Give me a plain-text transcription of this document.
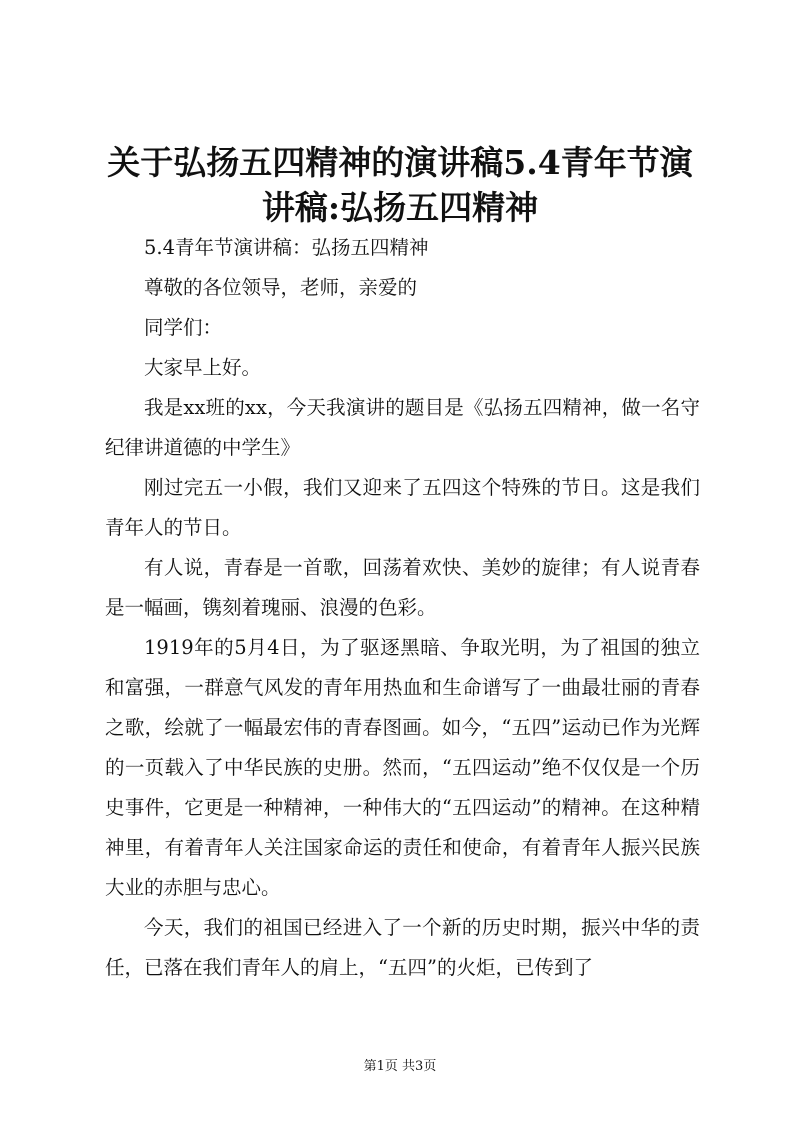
关于弘扬五四精神的演讲稿5.4青年节演讲稿:弘扬五四精神

5.4青年节演讲稿：弘扬五四精神

尊敬的各位领导，老师，亲爱的

同学们：

大家早上好。

我是xx班的xx，今天我演讲的题目是《弘扬五四精神，做一名守纪律讲道德的中学生》

刚过完五一小假，我们又迎来了五四这个特殊的节日。这是我们青年人的节日。

有人说，青春是一首歌，回荡着欢快、美妙的旋律；有人说青春是一幅画，镌刻着瑰丽、浪漫的色彩。

1919年的5月4日，为了驱逐黑暗、争取光明，为了祖国的独立和富强，一群意气风发的青年用热血和生命谱写了一曲最壮丽的青春之歌，绘就了一幅最宏伟的青春图画。如今，“五四”运动已作为光辉的一页载入了中华民族的史册。然而，“五四运动”绝不仅仅是一个历史事件，它更是一种精神，一种伟大的“五四运动”的精神。在这种精神里，有着青年人关注国家命运的责任和使命，有着青年人振兴民族大业的赤胆与忠心。

今天，我们的祖国已经进入了一个新的历史时期，振兴中华的责任，已落在我们青年人的肩上，“五四”的火炬，已传到了

第1页 共3页
